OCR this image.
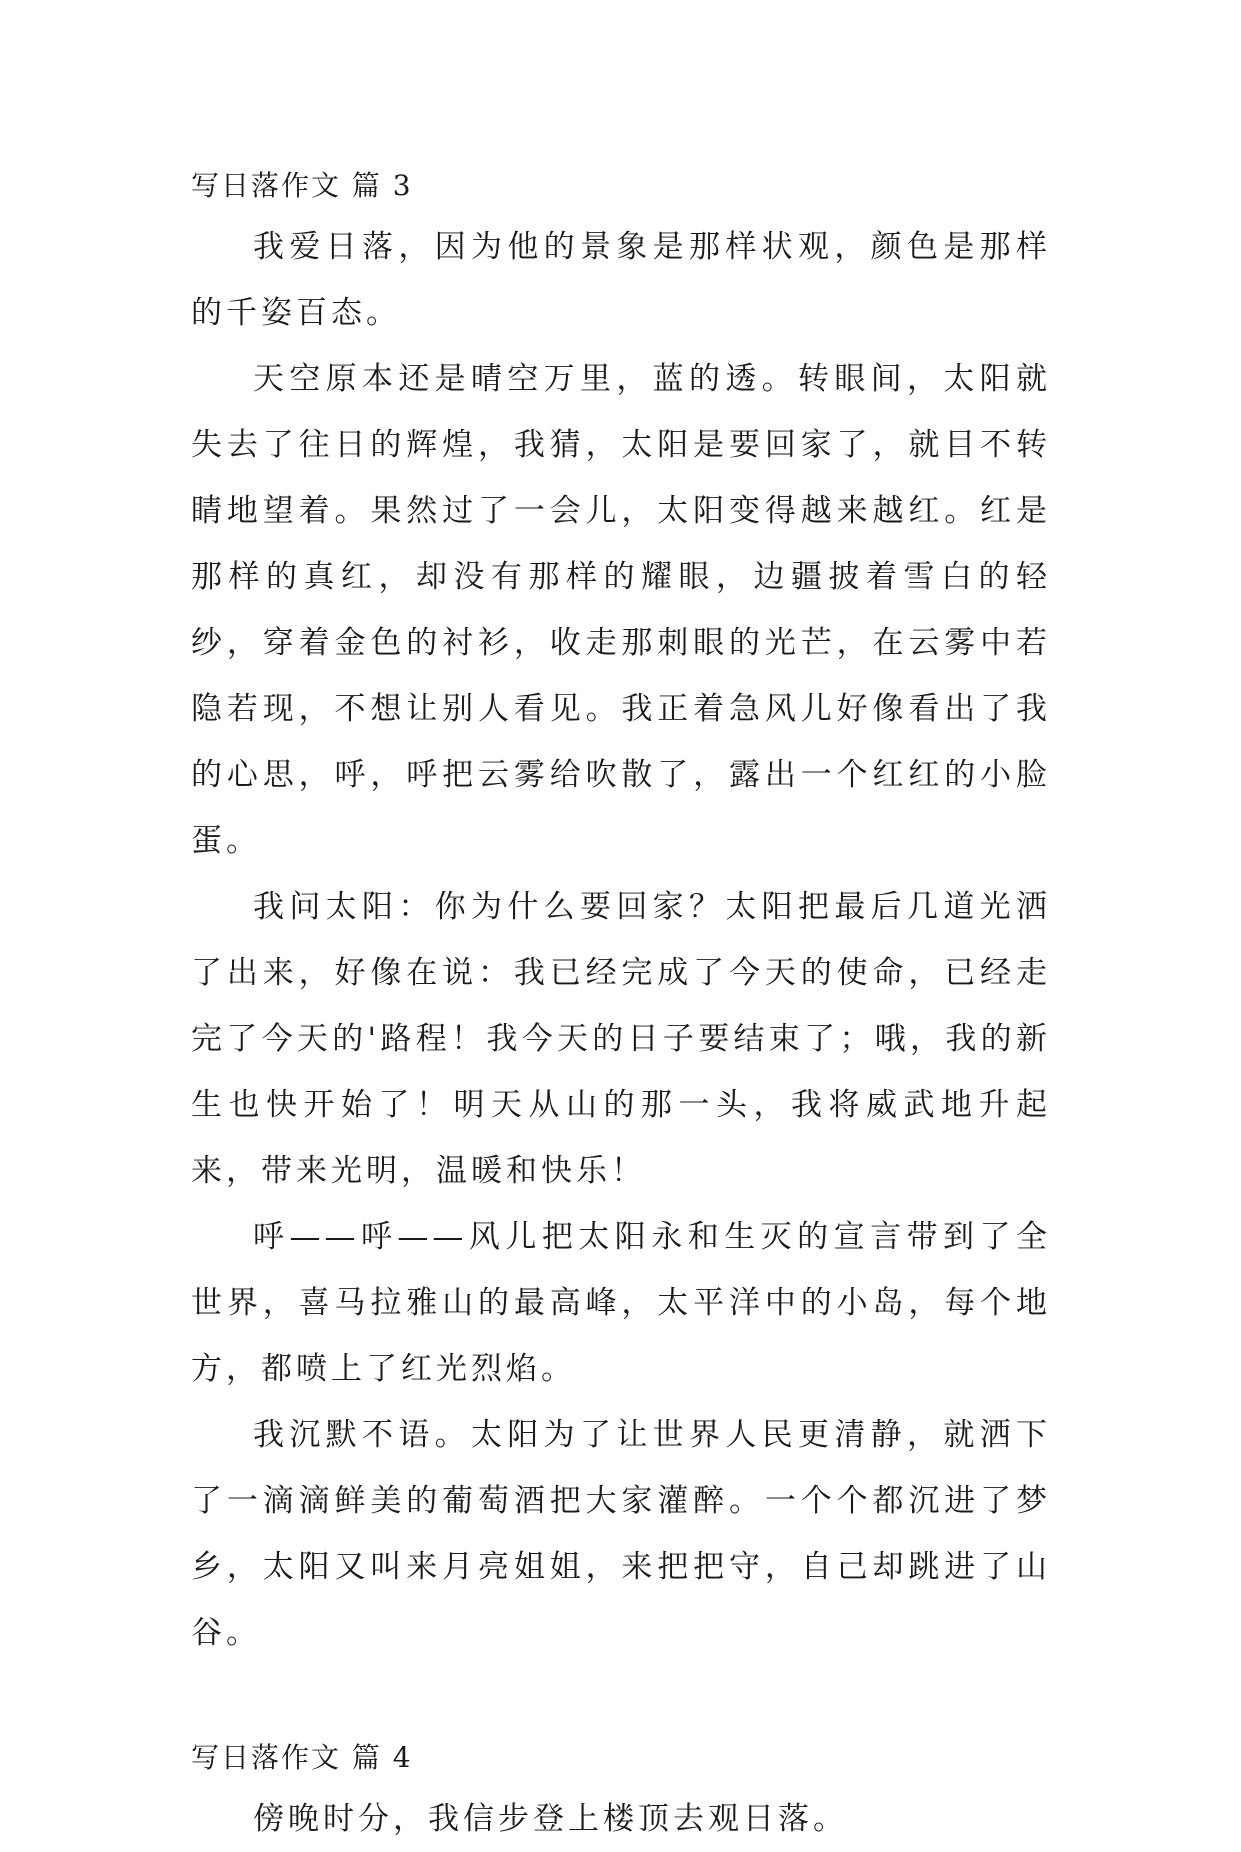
写日落作文 篇 3

我爱日落，因为他的景象是那样状观，颜色是那样的千姿百态。

天空原本还是晴空万里，蓝的透。转眼间，太阳就失去了往日的辉煌，我猜，太阳是要回家了，就目不转睛地望着。果然过了一会儿，太阳变得越来越红。红是那样的真红，却没有那样的耀眼，边疆披着雪白的轻纱，穿着金色的衬衫，收走那刺眼的光芒，在云雾中若隐若现，不想让别人看见。我正着急风儿好像看出了我的心思，呼，呼把云雾给吹散了，露出一个红红的小脸蛋。

我问太阳：你为什么要回家？太阳把最后几道光洒了出来，好像在说：我已经完成了今天的使命，已经走完了今天的'路程！我今天的日子要结束了；哦，我的新生也快开始了！明天从山的那一头，我将威武地升起来，带来光明，温暖和快乐！

呼——呼——风儿把太阳永和生灭的宣言带到了全世界，喜马拉雅山的最高峰，太平洋中的小岛，每个地方，都喷上了红光烈焰。

我沉默不语。太阳为了让世界人民更清静，就洒下了一滴滴鲜美的葡萄酒把大家灌醉。一个个都沉进了梦乡，太阳又叫来月亮姐姐，来把把守，自己却跳进了山谷。

写日落作文 篇 4

傍晚时分，我信步登上楼顶去观日落。
